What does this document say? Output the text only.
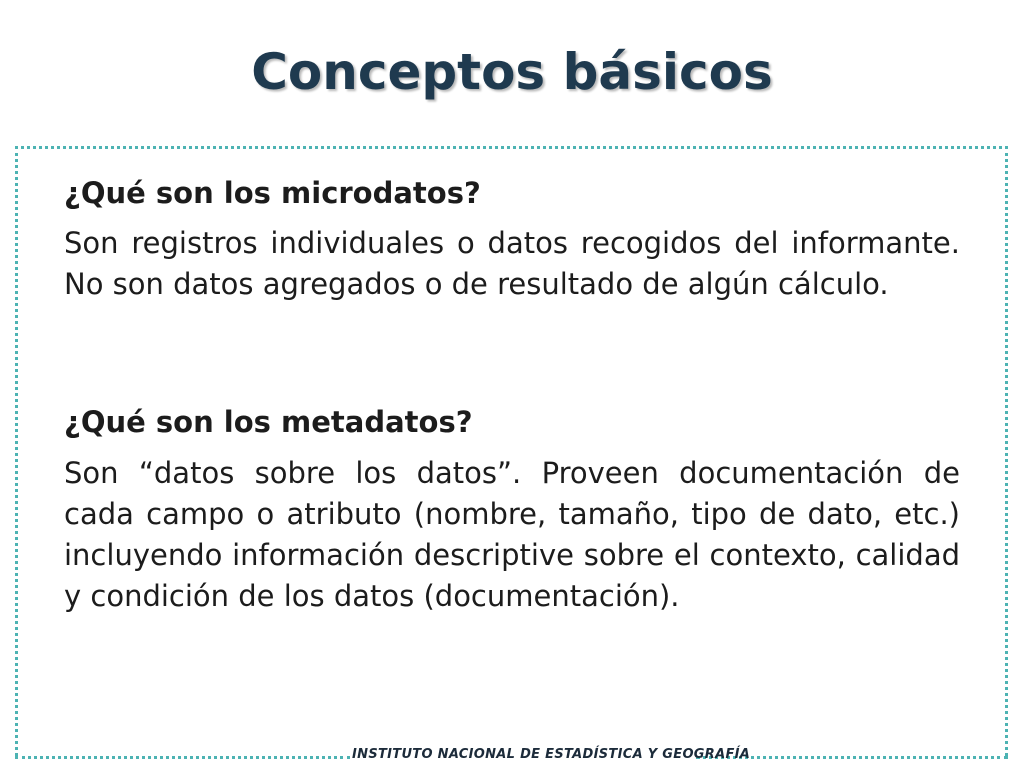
Conceptos básicos

¿Qué son los microdatos?

Son registros individuales o datos recogidos del informante. No son datos agregados o de resultado de algún cálculo.

¿Qué son los metadatos?

Son “datos sobre los datos”. Proveen documentación de cada campo o atributo (nombre, tamaño, tipo de dato, etc.) incluyendo información descriptive sobre el contexto, calidad y condición de los datos (documentación).

INSTITUTO NACIONAL DE ESTADÍSTICA Y GEOGRAFÍA
